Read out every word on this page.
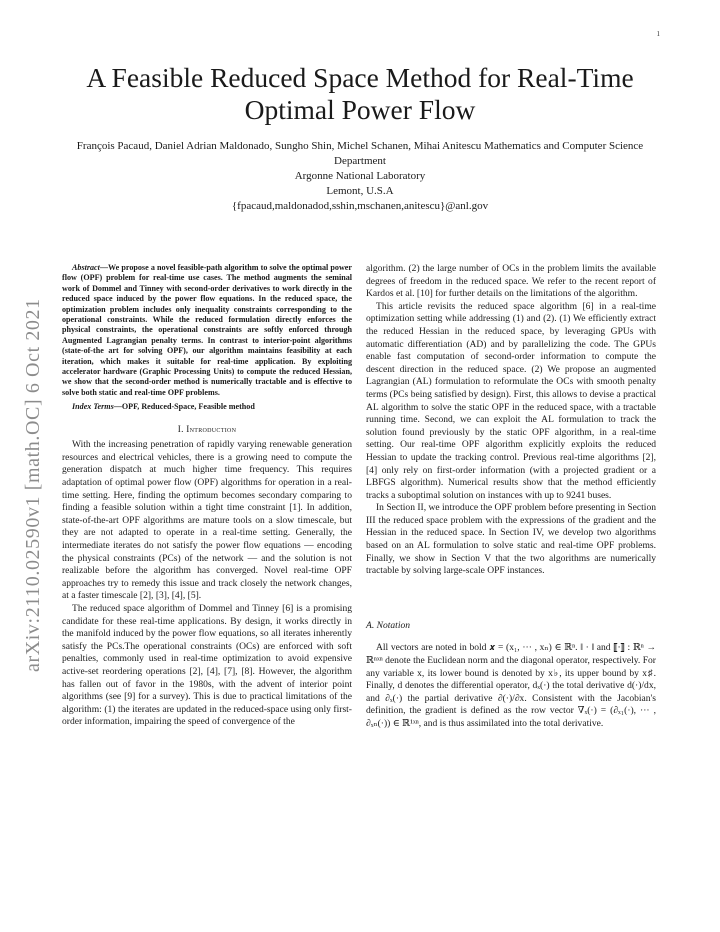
1
arXiv:2110.02590v1 [math.OC] 6 Oct 2021
A Feasible Reduced Space Method for Real-Time Optimal Power Flow
François Pacaud, Daniel Adrian Maldonado, Sungho Shin, Michel Schanen, Mihai Anitescu Mathematics and Computer Science Department
Argonne National Laboratory
Lemont, U.S.A
{fpacaud,maldonadod,sshin,mschanen,anitescu}@anl.gov

Abstract—We propose a novel feasible-path algorithm to solve the optimal power flow (OPF) problem for real-time use cases. The method augments the seminal work of Dommel and Tinney with second-order derivatives to work directly in the reduced space induced by the power flow equations. In the reduced space, the optimization problem includes only inequality constraints corresponding to the operational constraints. While the reduced formulation directly enforces the physical constraints, the operational constraints are softly enforced through Augmented Lagrangian penalty terms. In contrast to interior-point algorithms (state-of-the art for solving OPF), our algorithm maintains feasibility at each iteration, which makes it suitable for real-time application. By exploiting accelerator hardware (Graphic Processing Units) to compute the reduced Hessian, we show that the second-order method is numerically tractable and is effective to solve both static and real-time OPF problems.

Index Terms—OPF, Reduced-Space, Feasible method

I. Introduction

With the increasing penetration of rapidly varying renewable generation resources and electrical vehicles, there is a growing need to compute the generation dispatch at much higher time frequency. This requires adaptation of optimal power flow (OPF) algorithms for operation in a real-time setting. Here, finding the optimum becomes secondary comparing to finding a feasible solution within a tight time constraint [1]. In addition, state-of-the-art OPF algorithms are mature tools on a slow timescale, but they are not adapted to operate in a real-time setting. Generally, the intermediate iterates do not satisfy the power flow equations — encoding the physical constraints (PCs) of the network — and the solution is not realizable before the algorithm has converged. Novel real-time OPF approaches try to remedy this issue and track closely the network changes, at a faster timescale [2], [3], [4], [5].

The reduced space algorithm of Dommel and Tinney [6] is a promising candidate for these real-time applications. By design, it works directly in the manifold induced by the power flow equations, so all iterates inherently satisfy the PCs.The operational constraints (OCs) are enforced with soft penalties, commonly used in real-time optimization to avoid expensive active-set reordering operations [2], [4], [7], [8]. However, the algorithm has fallen out of favor in the 1980s, with the advent of interior point algorithms (see [9] for a survey). This is due to practical limitations of the algorithm: (1) the iterates are updated in the reduced-space using only first-order information, impairing the speed of convergence of the

algorithm. (2) the large number of OCs in the problem limits the available degrees of freedom in the reduced space. We refer to the recent report of Kardos et al. [10] for further details on the limitations of the algorithm.

This article revisits the reduced space algorithm [6] in a real-time optimization setting while addressing (1) and (2). (1) We efficiently extract the reduced Hessian in the reduced space, by leveraging GPUs with automatic differentiation (AD) and by parallelizing the code. The GPUs enable fast computation of second-order information to compute the descent direction in the reduced space. (2) We propose an augmented Lagrangian (AL) formulation to reformulate the OCs with smooth penalty terms (PCs being satisfied by design). First, this allows to devise a practical AL algorithm to solve the static OPF in the reduced space, with a tractable running time. Second, we can exploit the AL formulation to track the solution found previously by the static OPF algorithm, in a real-time setting. Our real-time OPF algorithm explicitly exploits the reduced Hessian to update the tracking control. Previous real-time algorithms [2], [4] only rely on first-order information (with a projected gradient or a LBFGS algorithm). Numerical results show that the method efficiently tracks a suboptimal solution on instances with up to 9241 buses.

In Section II, we introduce the OPF problem before presenting in Section III the reduced space problem with the expressions of the gradient and the Hessian in the reduced space. In Section IV, we develop two algorithms based on an AL formulation to solve static and real-time OPF problems. Finally, we show in Section V that the two algorithms are numerically tractable by solving large-scale OPF instances.

A. Notation

All vectors are noted in bold 𝒙 = (x₁, ··· , xₙ) ∈ ℝⁿ. ‖ · ‖ and ⟦·⟧ : ℝⁿ → ℝⁿˣⁿ denote the Euclidean norm and the diagonal operator, respectively. For any variable x, its lower bound is denoted by x♭, its upper bound by x♯. Finally, d denotes the differential operator, dₓ(·) the total derivative d(·)/dx, and ∂ₓ(·) the partial derivative ∂(·)/∂x. Consistent with the Jacobian's definition, the gradient is defined as the row vector ∇ₓ(·) = (∂ₓ₁(·), ··· , ∂ₓₙ(·)) ∈ ℝ¹ˣⁿ, and is thus assimilated into the total derivative.
